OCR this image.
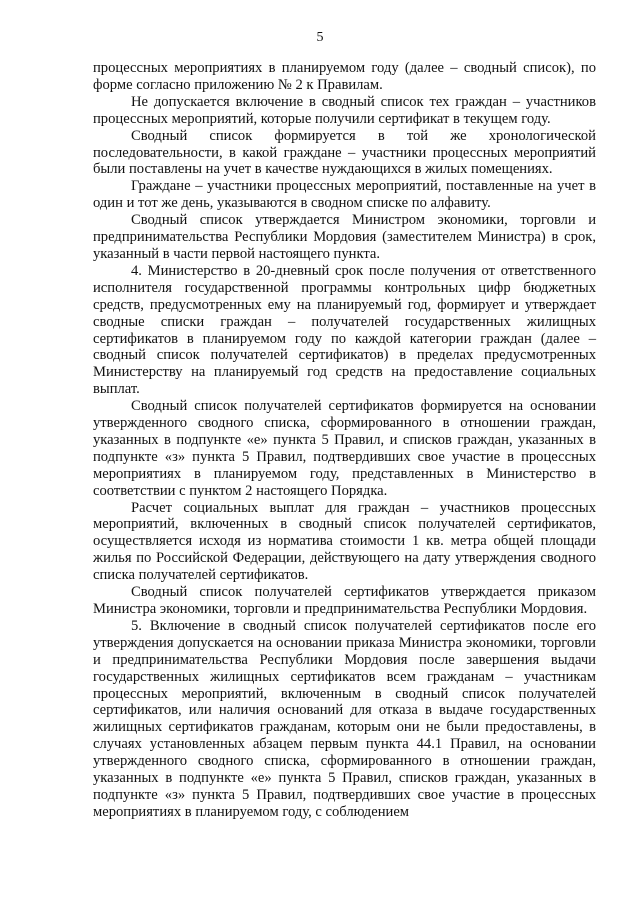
5

процессных мероприятиях в планируемом году (далее – сводный список), по форме согласно приложению № 2 к Правилам.

Не допускается включение в сводный список тех граждан – участников процессных мероприятий, которые получили сертификат в текущем году.

Сводный список формируется в той же хронологической последовательности, в какой граждане – участники процессных мероприятий были поставлены на учет в качестве нуждающихся в жилых помещениях.

Граждане – участники процессных мероприятий, поставленные на учет в один и тот же день, указываются в сводном списке по алфавиту.

Сводный список утверждается Министром экономики, торговли и предпринимательства Республики Мордовия (заместителем Министра) в срок, указанный в части первой настоящего пункта.

4. Министерство в 20-дневный срок после получения от ответственного исполнителя государственной программы контрольных цифр бюджетных средств, предусмотренных ему на планируемый год, формирует и утверждает сводные списки граждан – получателей государственных жилищных сертификатов в планируемом году по каждой категории граждан (далее – сводный список получателей сертификатов) в пределах предусмотренных Министерству на планируемый год средств на предоставление социальных выплат.

Сводный список получателей сертификатов формируется на основании утвержденного сводного списка, сформированного в отношении граждан, указанных в подпункте «е» пункта 5 Правил, и списков граждан, указанных в подпункте «з» пункта 5 Правил, подтвердивших свое участие в процессных мероприятиях в планируемом году, представленных в Министерство в соответствии с пунктом 2 настоящего Порядка.

Расчет социальных выплат для граждан – участников процессных мероприятий, включенных в сводный список получателей сертификатов, осуществляется исходя из норматива стоимости 1 кв. метра общей площади жилья по Российской Федерации, действующего на дату утверждения сводного списка получателей сертификатов.

Сводный список получателей сертификатов утверждается приказом Министра экономики, торговли и предпринимательства Республики Мордовия.

5. Включение в сводный список получателей сертификатов после его утверждения допускается на основании приказа Министра экономики, торговли и предпринимательства Республики Мордовия после завершения выдачи государственных жилищных сертификатов всем гражданам – участникам процессных мероприятий, включенным в сводный список получателей сертификатов, или наличия оснований для отказа в выдаче государственных жилищных сертификатов гражданам, которым они не были предоставлены, в случаях установленных абзацем первым пункта 44.1 Правил, на основании утвержденного сводного списка, сформированного в отношении граждан, указанных в подпункте «е» пункта 5 Правил, списков граждан, указанных в подпункте «з» пункта 5 Правил, подтвердивших свое участие в процессных мероприятиях в планируемом году, с соблюдением
